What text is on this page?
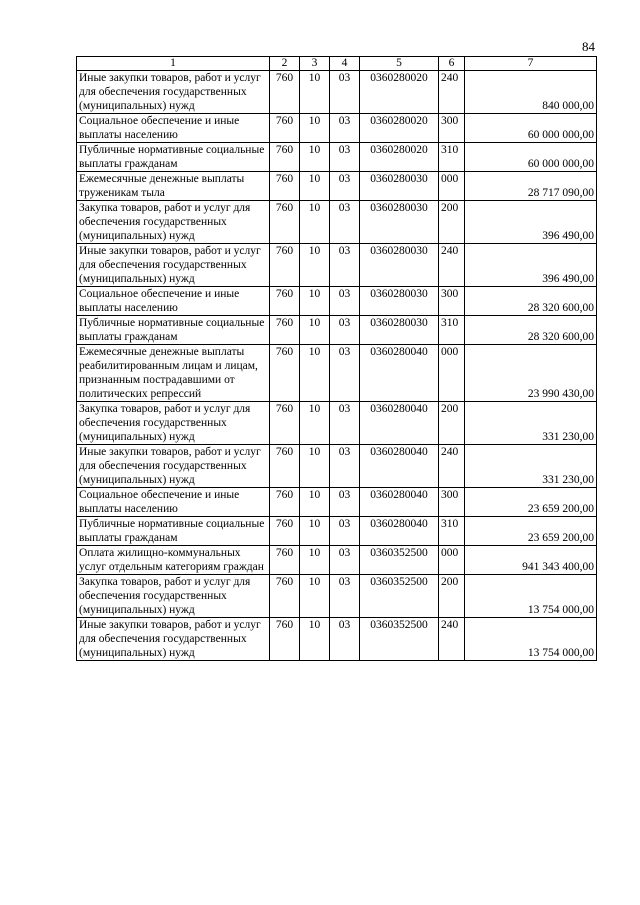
84
1	2	3	4	5	6	7
Иные закупки товаров, работ и услуг для обеспечения государственных (муниципальных) нужд	760	10	03	0360280020	240	840 000,00
Социальное обеспечение и иные выплаты населению	760	10	03	0360280020	300	60 000 000,00
Публичные нормативные социальные выплаты гражданам	760	10	03	0360280020	310	60 000 000,00
Ежемесячные денежные выплаты труженикам тыла	760	10	03	0360280030	000	28 717 090,00
Закупка товаров, работ и услуг для обеспечения государственных (муниципальных) нужд	760	10	03	0360280030	200	396 490,00
Иные закупки товаров, работ и услуг для обеспечения государственных (муниципальных) нужд	760	10	03	0360280030	240	396 490,00
Социальное обеспечение и иные выплаты населению	760	10	03	0360280030	300	28 320 600,00
Публичные нормативные социальные выплаты гражданам	760	10	03	0360280030	310	28 320 600,00
Ежемесячные денежные выплаты реабилитированным лицам и лицам, признанным пострадавшими от политических репрессий	760	10	03	0360280040	000	23 990 430,00
Закупка товаров, работ и услуг для обеспечения государственных (муниципальных) нужд	760	10	03	0360280040	200	331 230,00
Иные закупки товаров, работ и услуг для обеспечения государственных (муниципальных) нужд	760	10	03	0360280040	240	331 230,00
Социальное обеспечение и иные выплаты населению	760	10	03	0360280040	300	23 659 200,00
Публичные нормативные социальные выплаты гражданам	760	10	03	0360280040	310	23 659 200,00
Оплата жилищно-коммунальных услуг отдельным категориям граждан	760	10	03	0360352500	000	941 343 400,00
Закупка товаров, работ и услуг для обеспечения государственных (муниципальных) нужд	760	10	03	0360352500	200	13 754 000,00
Иные закупки товаров, работ и услуг для обеспечения государственных (муниципальных) нужд	760	10	03	0360352500	240	13 754 000,00
